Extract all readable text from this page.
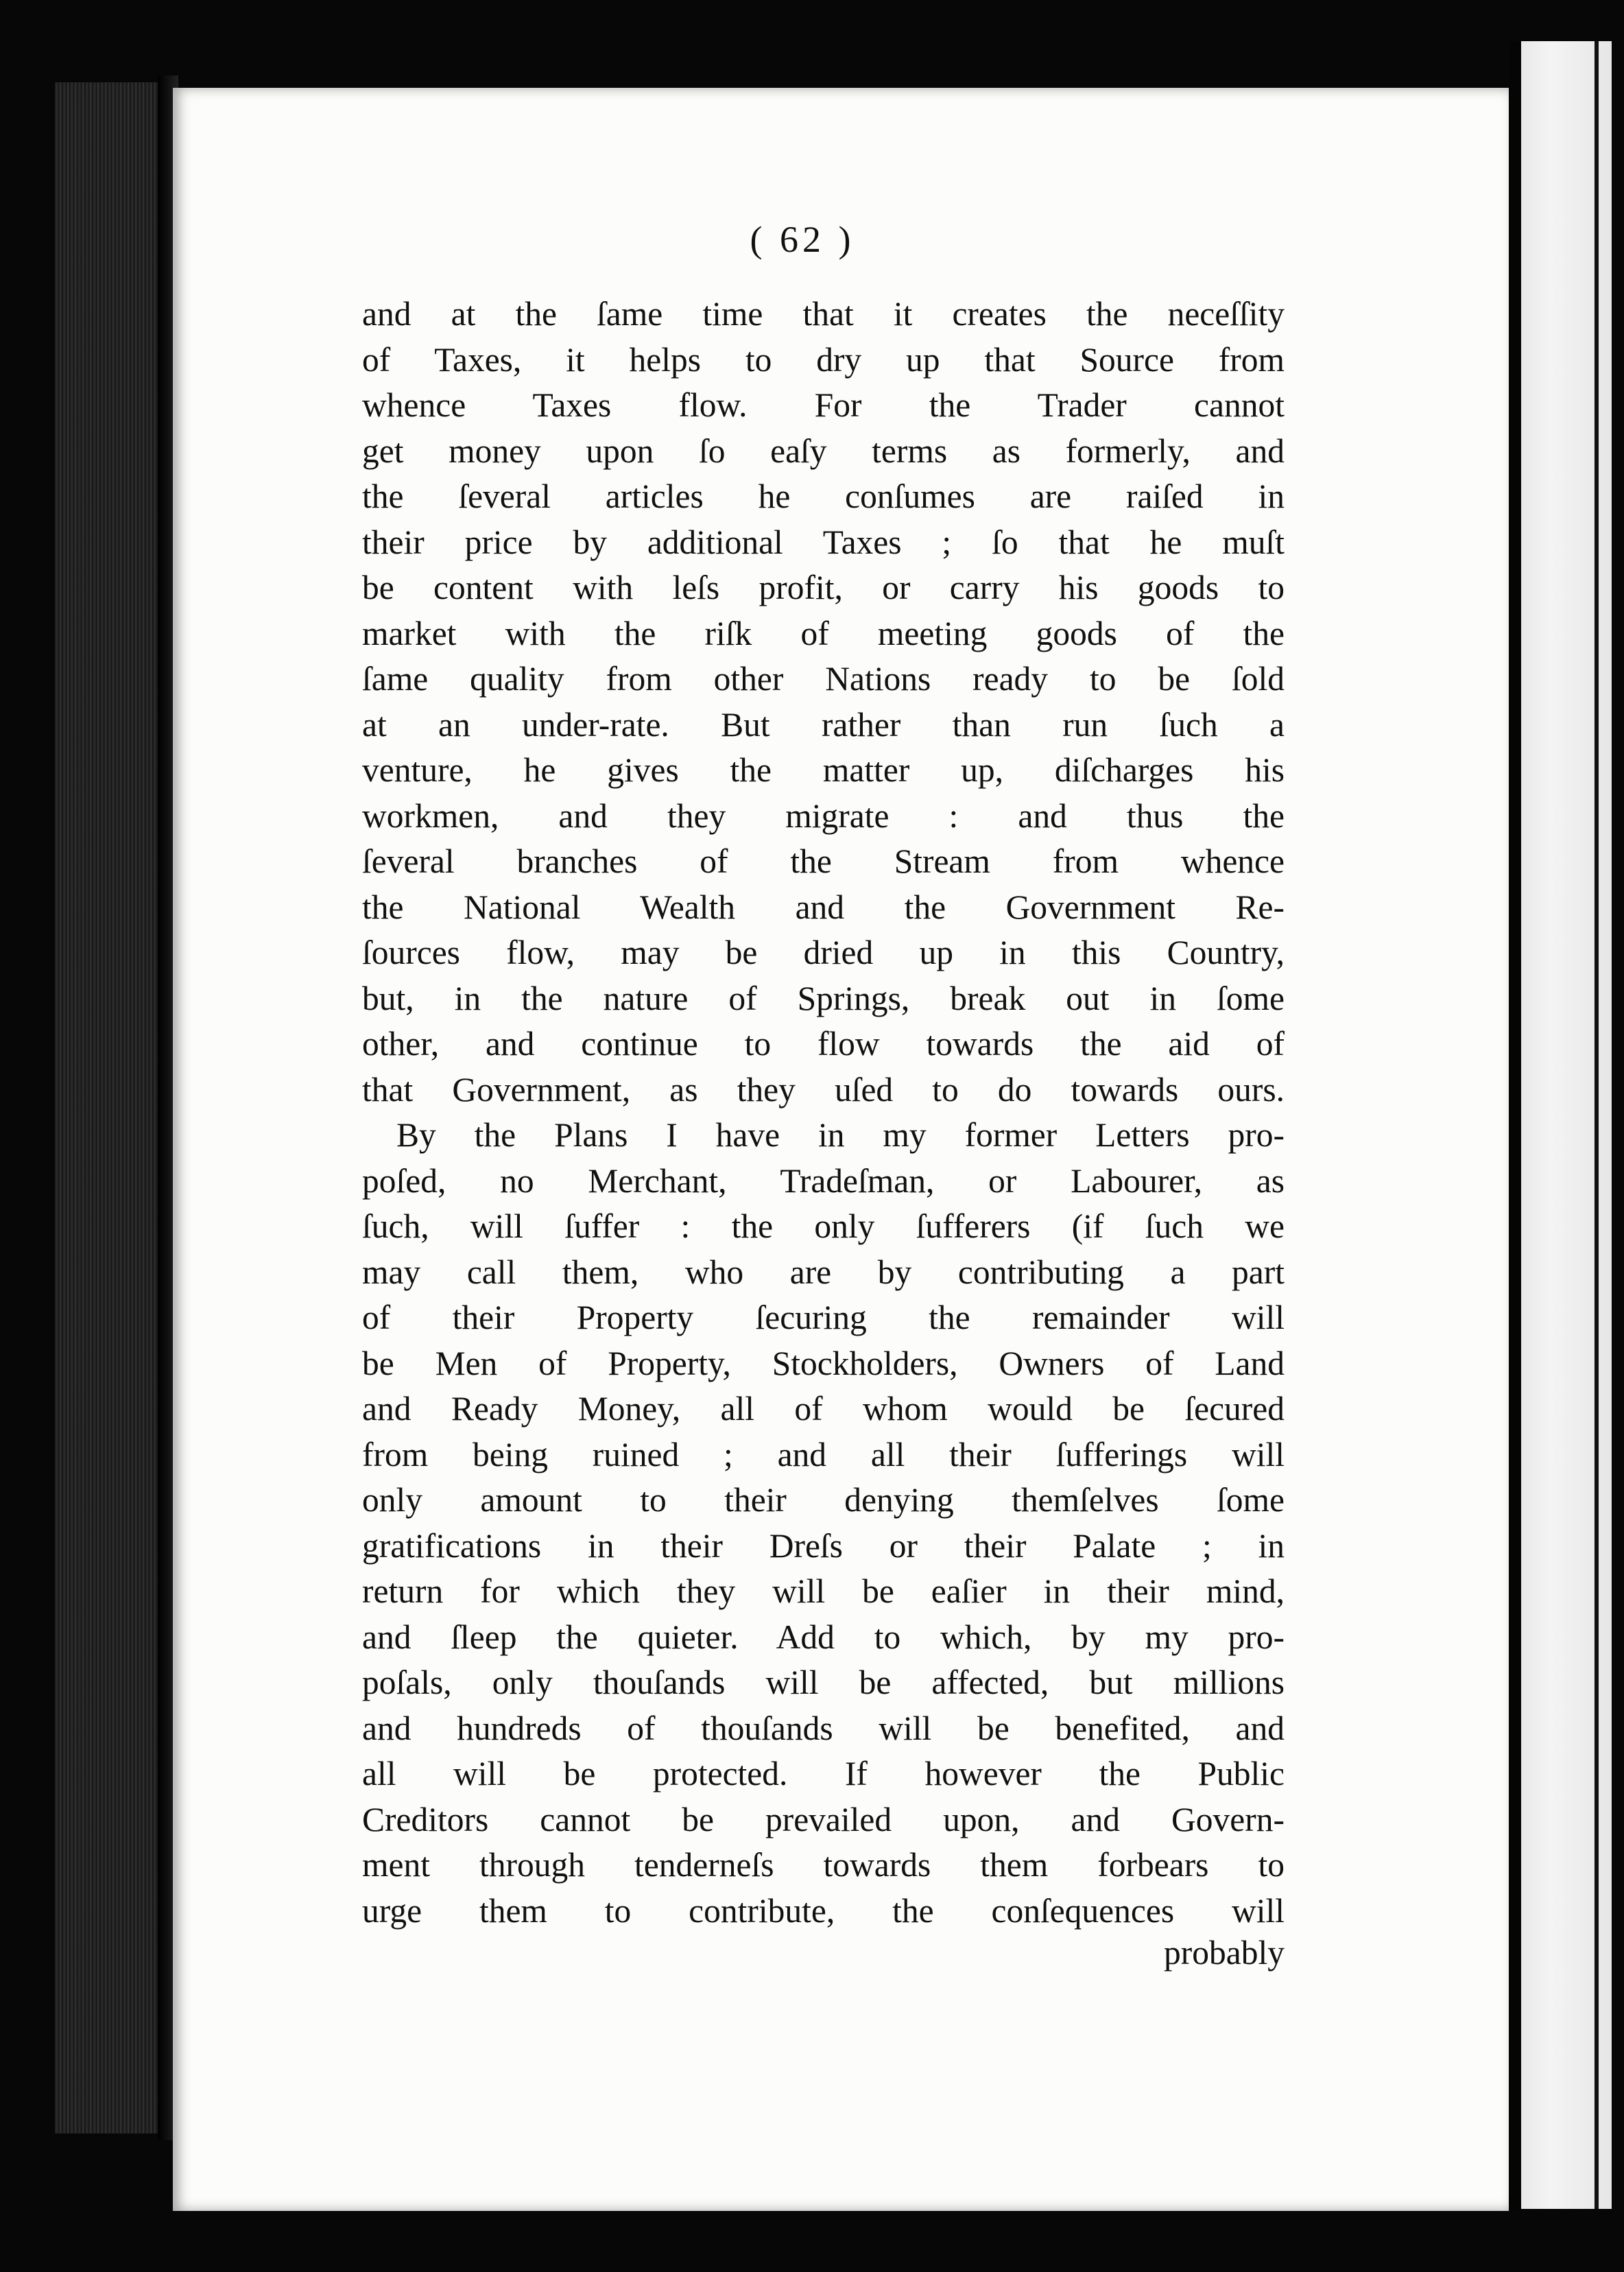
( 62 )
and at the ſame time that it creates the neceſſity
of Taxes, it helps to dry up that Source from
whence Taxes flow. For the Trader cannot
get money upon ſo eaſy terms as formerly, and
the ſeveral articles he conſumes are raiſed in
their price by additional Taxes ; ſo that he muſt
be content with leſs profit, or carry his goods to
market with the riſk of meeting goods of the
ſame quality from other Nations ready to be ſold
at an under-rate. But rather than run ſuch a
venture, he gives the matter up, diſcharges his
workmen, and they migrate : and thus the
ſeveral branches of the Stream from whence
the National Wealth and the Government Re-
ſources flow, may be dried up in this Country,
but, in the nature of Springs, break out in ſome
other, and continue to flow towards the aid of
that Government, as they uſed to do towards ours.
By the Plans I have in my former Letters pro-
poſed, no Merchant, Tradeſman, or Labourer, as
ſuch, will ſuffer : the only ſufferers (if ſuch we
may call them, who are by contributing a part
of their Property ſecuring the remainder will
be Men of Property, Stockholders, Owners of Land
and Ready Money, all of whom would be ſecured
from being ruined ; and all their ſufferings will
only amount to their denying themſelves ſome
gratifications in their Dreſs or their Palate ; in
return for which they will be eaſier in their mind,
and ſleep the quieter. Add to which, by my pro-
poſals, only thouſands will be affected, but millions
and hundreds of thouſands will be benefited, and
all will be protected. If however the Public
Creditors cannot be prevailed upon, and Govern-
ment through tenderneſs towards them forbears to
urge them to contribute, the conſequences will
probably
